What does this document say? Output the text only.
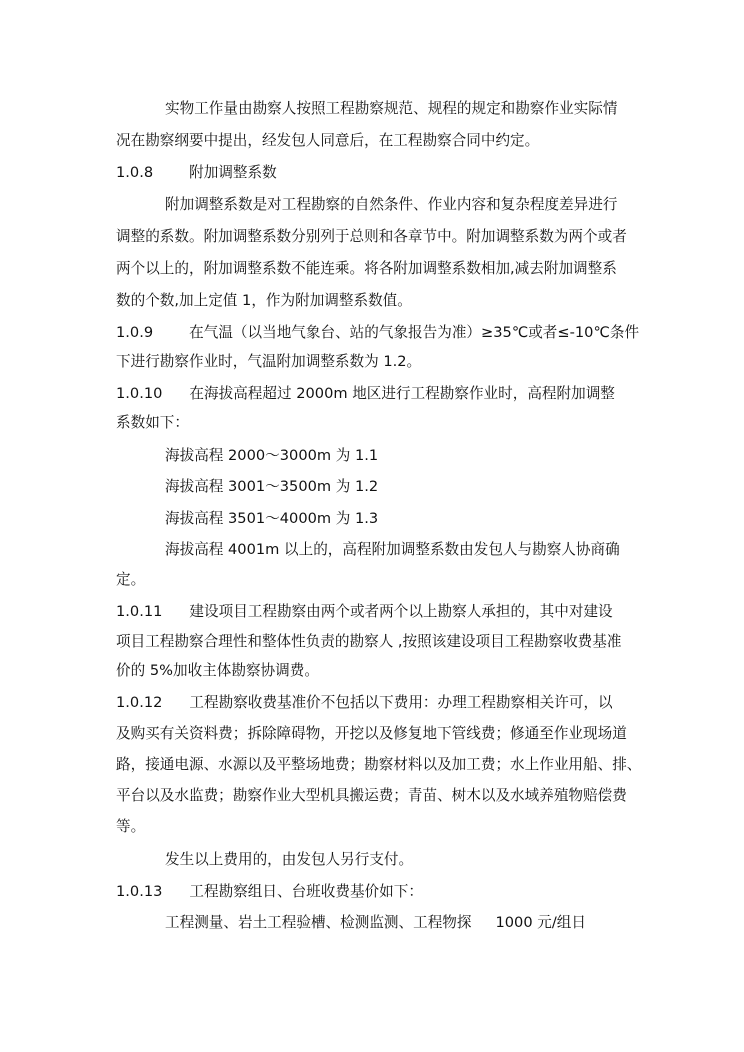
实物工作量由勘察人按照工程勘察规范、规程的规定和勘察作业实际情
况在勘察纲要中提出，经发包人同意后，在工程勘察合同中约定。
1.0.8 附加调整系数
附加调整系数是对工程勘察的自然条件、作业内容和复杂程度差异进行
调整的系数。附加调整系数分别列于总则和各章节中。附加调整系数为两个或者
两个以上的，附加调整系数不能连乘。将各附加调整系数相加,减去附加调整系
数的个数,加上定值 1，作为附加调整系数值。
1.0.9 在气温（以当地气象台、站的气象报告为准）≥35℃或者≤-10℃条件
下进行勘察作业时，气温附加调整系数为 1.2。
1.0.10 在海拔高程超过 2000m 地区进行工程勘察作业时，高程附加调整
系数如下：
海拔高程 2000～3000m 为 1.1
海拔高程 3001～3500m 为 1.2
海拔高程 3501～4000m 为 1.3
海拔高程 4001m 以上的，高程附加调整系数由发包人与勘察人协商确
定。
1.0.11 建设项目工程勘察由两个或者两个以上勘察人承担的，其中对建设
项目工程勘察合理性和整体性负责的勘察人 ,按照该建设项目工程勘察收费基准
价的 5%加收主体勘察协调费。
1.0.12 工程勘察收费基准价不包括以下费用：办理工程勘察相关许可，以
及购买有关资料费；拆除障碍物，开挖以及修复地下管线费；修通至作业现场道
路，接通电源、水源以及平整场地费；勘察材料以及加工费；水上作业用船、排、
平台以及水监费；勘察作业大型机具搬运费；青苗、树木以及水域养殖物赔偿费
等。
发生以上费用的，由发包人另行支付。
1.0.13 工程勘察组日、台班收费基价如下：
工程测量、岩土工程验槽、检测监测、工程物探 1000 元/组日
